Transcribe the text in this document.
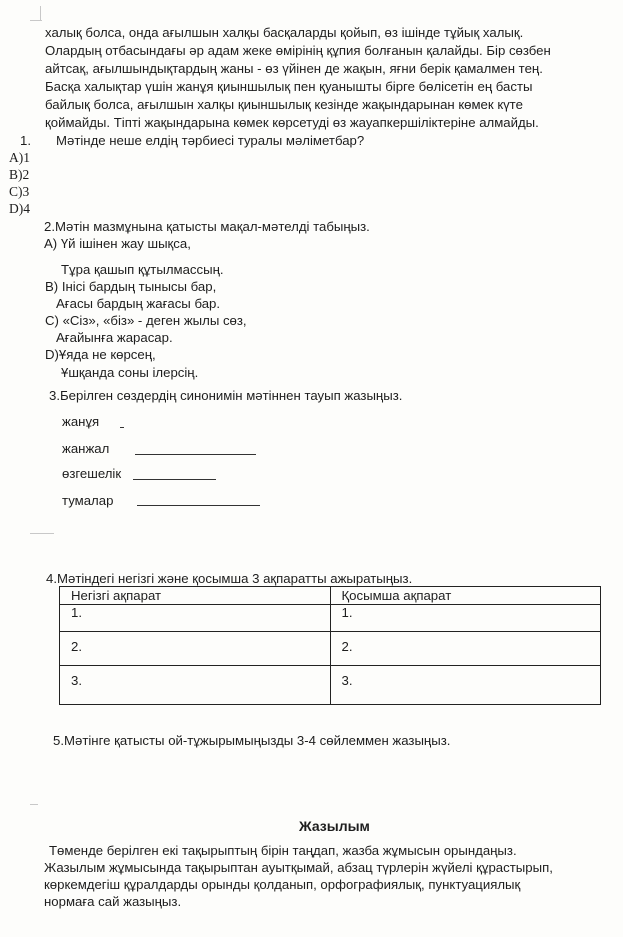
халық болса, онда ағылшын халқы басқаларды қойып, өз ішінде тұйық халық.
Олардың отбасындағы әр адам жеке өмірінің құпия болғанын қалайды. Бір сөзбен
айтсақ, ағылшындықтардың жаны - өз үйінен де жақын, яғни берік қамалмен тең.
Басқа халықтар үшін жанұя қиыншылық пен қуанышты бірге бөлісетін ең басты
байлық болса, ағылшын халқы қиыншылық кезінде жақындарынан көмек күте
қоймайды. Тіпті жақындарына көмек көрсетуді өз жауапкершіліктеріне алмайды.
1. Мәтінде неше елдің тәрбиесі туралы мәліметбар?
A)1
B)2
C)3
D)4
2.Мәтін мазмұнына қатысты мақал-мәтелді табыңыз.
A) Үй ішінен жау шықса,
Тұра қашып құтылмассың.
B) Інісі бардың тынысы бар,
Ағасы бардың жағасы бар.
C) «Сіз», «біз» - деген жылы сөз,
Ағайынға жарасар.
D)Ұяда не көрсең,
Ұшқанда соны ілерсің.
3.Берілген сөздердің синонимін мәтіннен тауып жазыңыз.
жанұя
жанжал
өзгешелік
тумалар
4.Мәтіндегі негізгі және қосымша 3 ақпаратты ажыратыңыз.
Негізгі ақпарат	Қосымша ақпарат
1.	1.
2.	2.
3.	3.
5.Мәтінге қатысты ой-тұжырымыңызды 3-4 сөйлеммен жазыңыз.
Жазылым
Төменде берілген екі тақырыптың бірін таңдап, жазба жұмысын орындаңыз.
Жазылым жұмысында тақырыптан ауытқымай, абзац түрлерін жүйелі құрастырып,
көркемдегіш құралдарды орынды қолданып, орфографиялық, пунктуациялық
нормаға сай жазыңыз.
